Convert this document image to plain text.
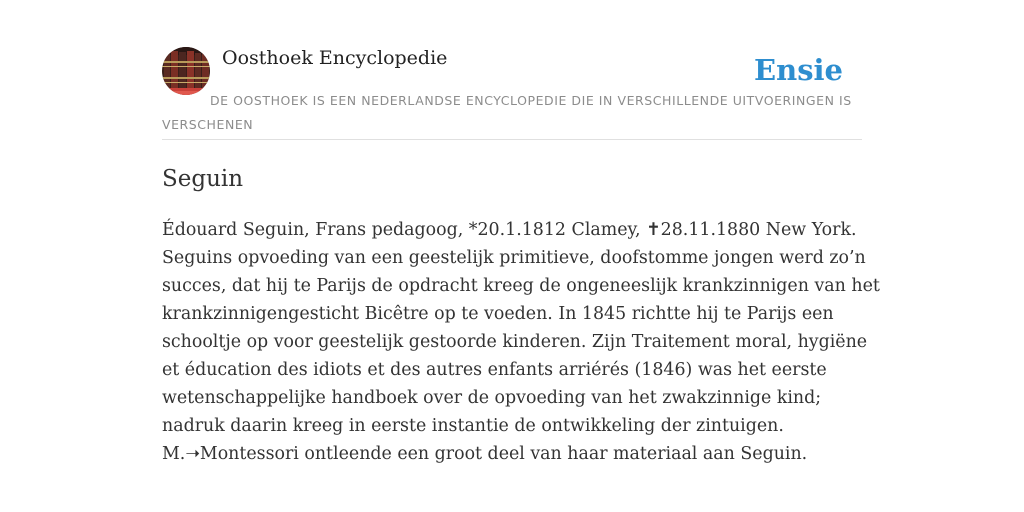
Oosthoek Encyclopedie	Ensie
DE OOSTHOEK IS EEN NEDERLANDSE ENCYCLOPEDIE DIE IN VERSCHILLENDE UITVOERINGEN IS VERSCHENEN
Seguin

Édouard Seguin, Frans pedagoog, *20.1.1812 Clamey, ✝28.11.1880 New York.
Seguins opvoeding van een geestelijk primitieve, doofstomme jongen werd zo’n
succes, dat hij te Parijs de opdracht kreeg de ongeneeslijk krankzinnigen van het
krankzinnigengesticht Bicêtre op te voeden. In 1845 richtte hij te Parijs een
schooltje op voor geestelijk gestoorde kinderen. Zijn Traitement moral, hygiëne
et éducation des idiots et des autres enfants arriérés (1846) was het eerste
wetenschappelijke handboek over de opvoeding van het zwakzinnige kind;
nadruk daarin kreeg in eerste instantie de ontwikkeling der zintuigen.
M.➝Montessori ontleende een groot deel van haar materiaal aan Seguin.
